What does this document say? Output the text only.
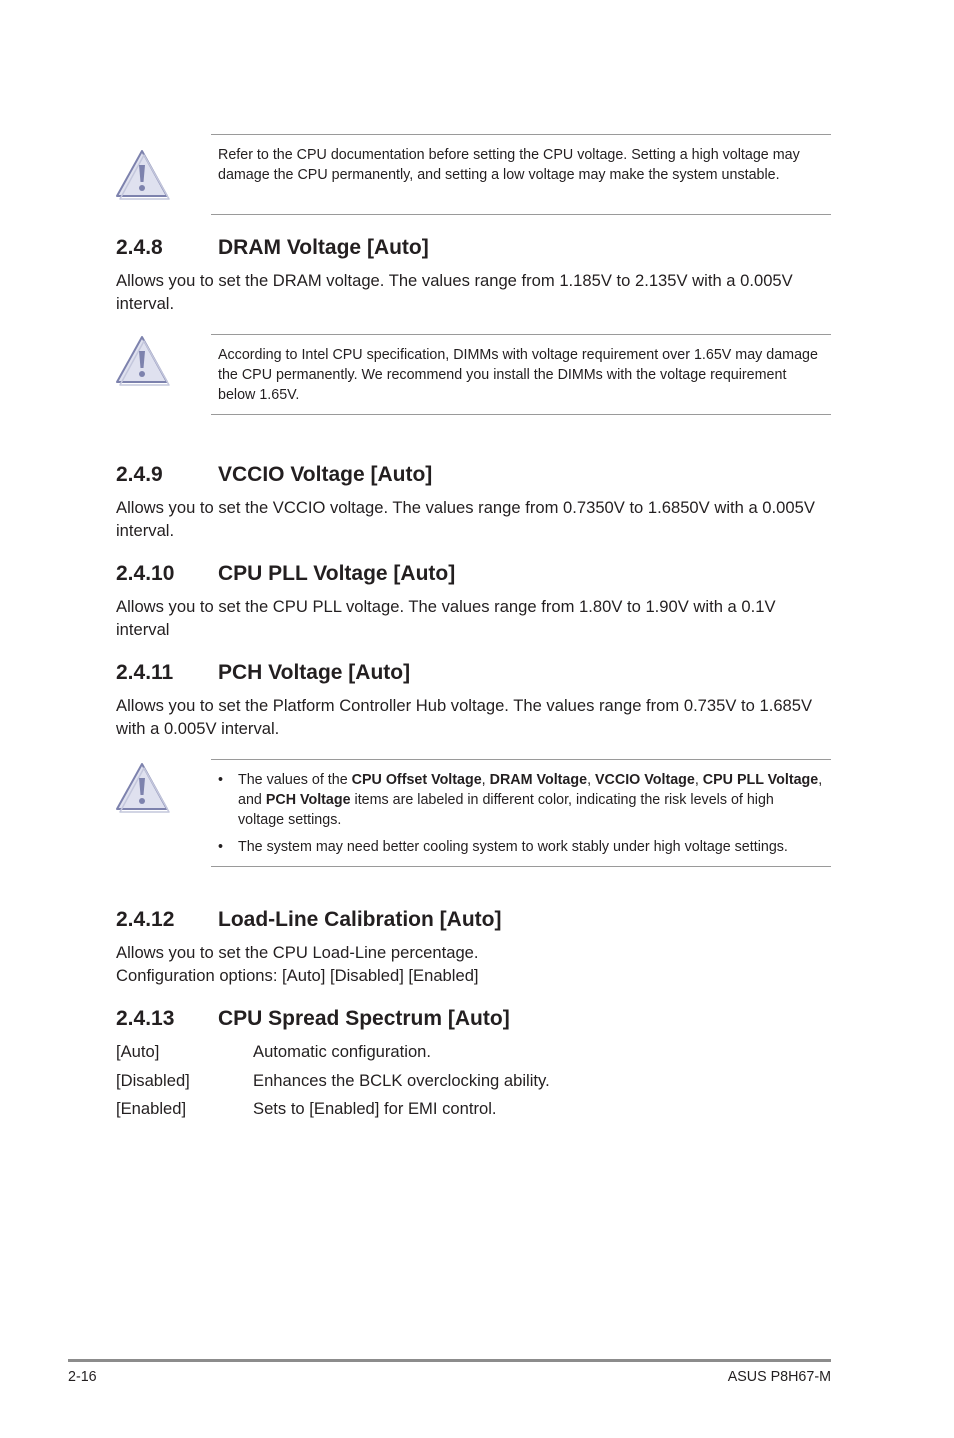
Refer to the CPU documentation before setting the CPU voltage. Setting a high voltage may damage the CPU permanently, and setting a low voltage may make the system unstable.
2.4.8	DRAM Voltage [Auto]
Allows you to set the DRAM voltage. The values range from 1.185V to 2.135V with a 0.005V interval.
According to Intel CPU specification, DIMMs with voltage requirement over 1.65V may damage the CPU permanently. We recommend you install the DIMMs with the voltage requirement below 1.65V.
2.4.9	VCCIO Voltage [Auto]
Allows you to set the VCCIO voltage. The values range from 0.7350V to 1.6850V with a 0.005V interval.
2.4.10 CPU PLL Voltage [Auto]
Allows you to set the CPU PLL voltage. The values range from 1.80V to 1.90V with a 0.1V interval
2.4.11 PCH Voltage [Auto]
Allows you to set the Platform Controller Hub voltage. The values range from 0.735V to 1.685V with a 0.005V interval.
• The values of the CPU Offset Voltage, DRAM Voltage, VCCIO Voltage, CPU PLL Voltage, and PCH Voltage items are labeled in different color, indicating the risk levels of high voltage settings.
• The system may need better cooling system to work stably under high voltage settings.
2.4.12 Load-Line Calibration [Auto]
Allows you to set the CPU Load-Line percentage.
Configuration options: [Auto] [Disabled] [Enabled]
2.4.13 CPU Spread Spectrum [Auto]
[Auto]	Automatic configuration.
[Disabled]	Enhances the BCLK overclocking ability.
[Enabled]	Sets to [Enabled] for EMI control.
2-16	ASUS P8H67-M
